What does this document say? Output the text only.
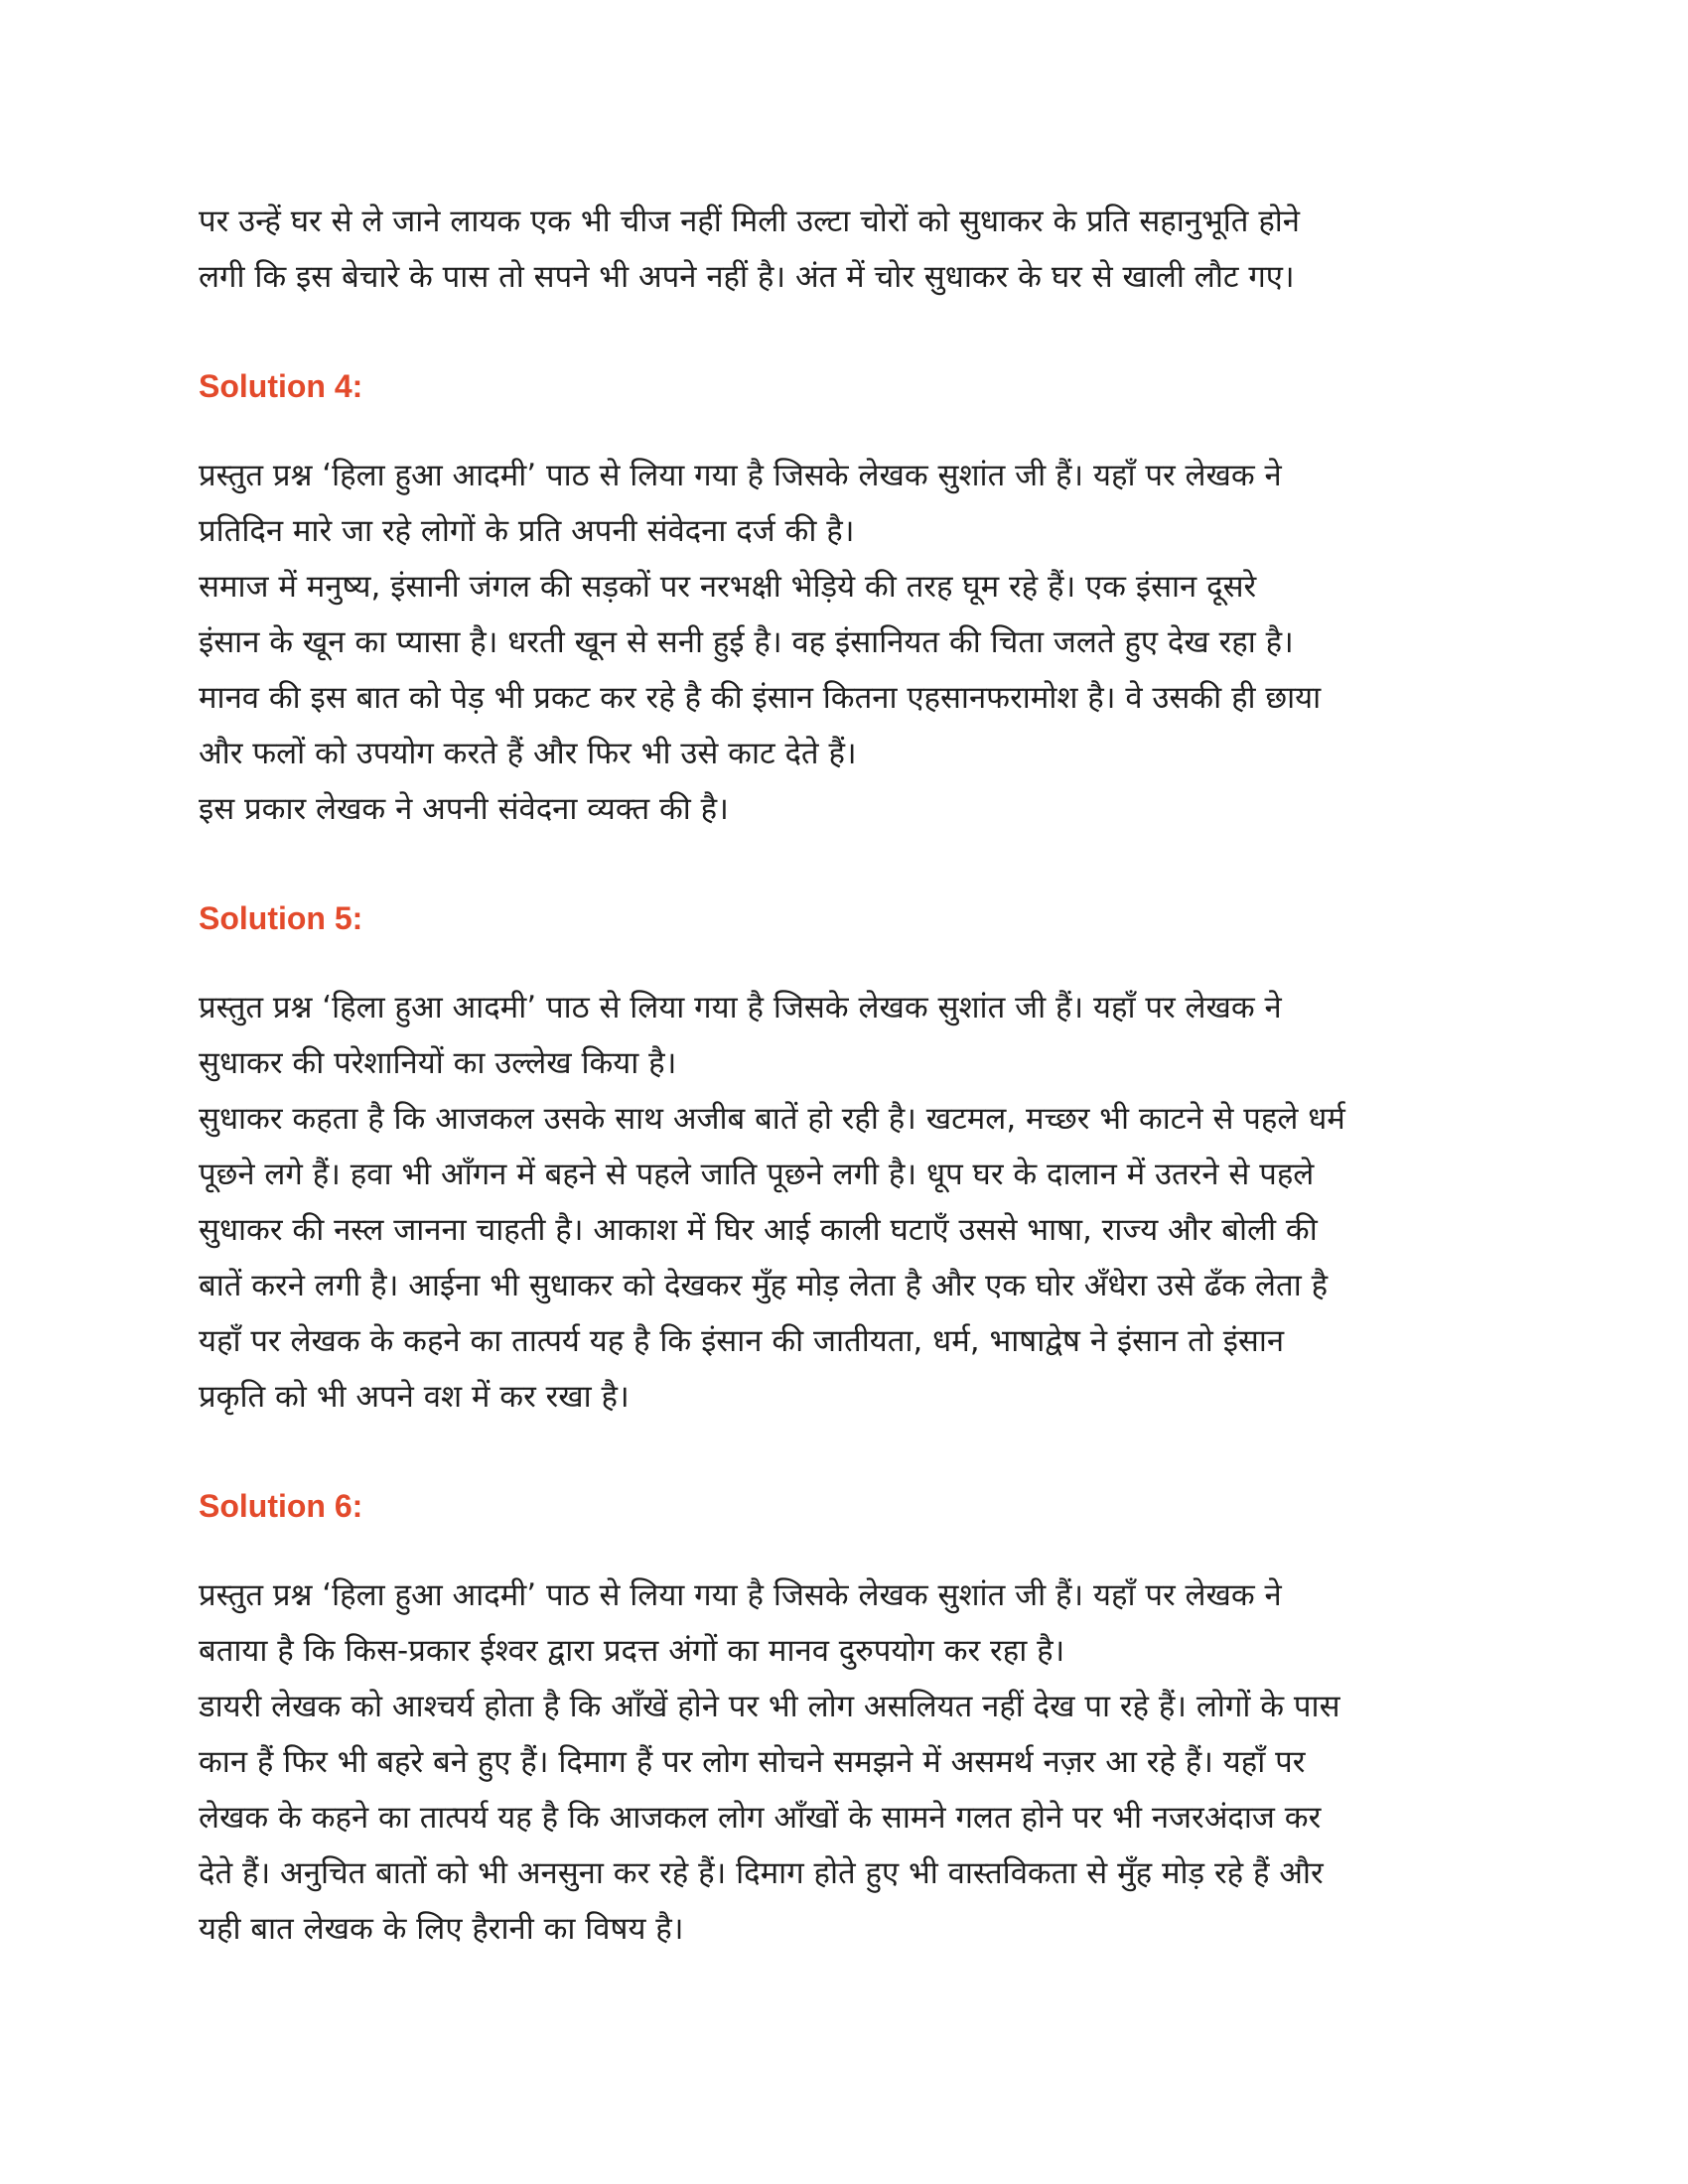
पर उन्हें घर से ले जाने लायक एक भी चीज नहीं मिली उल्टा चोरों को सुधाकर के प्रति सहानुभूति होने
लगी कि इस बेचारे के पास तो सपने भी अपने नहीं है। अंत में चोर सुधाकर के घर से खाली लौट गए।
Solution 4:
प्रस्तुत प्रश्न ‘हिला हुआ आदमी’ पाठ से लिया गया है जिसके लेखक सुशांत जी हैं। यहाँ पर लेखक ने
प्रतिदिन मारे जा रहे लोगों के प्रति अपनी संवेदना दर्ज की है।
समाज में मनुष्य, इंसानी जंगल की सड़कों पर नरभक्षी भेड़िये की तरह घूम रहे हैं। एक इंसान दूसरे
इंसान के खून का प्यासा है। धरती खून से सनी हुई है। वह इंसानियत की चिता जलते हुए देख रहा है।
मानव की इस बात को पेड़ भी प्रकट कर रहे है की इंसान कितना एहसानफरामोश है। वे उसकी ही छाया
और फलों को उपयोग करते हैं और फिर भी उसे काट देते हैं।
इस प्रकार लेखक ने अपनी संवेदना व्यक्त की है।
Solution 5:
प्रस्तुत प्रश्न ‘हिला हुआ आदमी’ पाठ से लिया गया है जिसके लेखक सुशांत जी हैं। यहाँ पर लेखक ने
सुधाकर की परेशानियों का उल्लेख किया है।
सुधाकर कहता है कि आजकल उसके साथ अजीब बातें हो रही है। खटमल, मच्छर भी काटने से पहले धर्म
पूछने लगे हैं। हवा भी आँगन में बहने से पहले जाति पूछने लगी है। धूप घर के दालान में उतरने से पहले
सुधाकर की नस्ल जानना चाहती है। आकाश में घिर आई काली घटाएँ उससे भाषा, राज्य और बोली की
बातें करने लगी है। आईना भी सुधाकर को देखकर मुँह मोड़ लेता है और एक घोर अँधेरा उसे ढँक लेता है
यहाँ पर लेखक के कहने का तात्पर्य यह है कि इंसान की जातीयता, धर्म, भाषाद्वेष ने इंसान तो इंसान
प्रकृति को भी अपने वश में कर रखा है।
Solution 6:
प्रस्तुत प्रश्न ‘हिला हुआ आदमी’ पाठ से लिया गया है जिसके लेखक सुशांत जी हैं। यहाँ पर लेखक ने
बताया है कि किस-प्रकार ईश्वर द्वारा प्रदत्त अंगों का मानव दुरुपयोग कर रहा है।
डायरी लेखक को आश्चर्य होता है कि आँखें होने पर भी लोग असलियत नहीं देख पा रहे हैं। लोगों के पास
कान हैं फिर भी बहरे बने हुए हैं। दिमाग हैं पर लोग सोचने समझने में असमर्थ नज़र आ रहे हैं। यहाँ पर
लेखक के कहने का तात्पर्य यह है कि आजकल लोग आँखों के सामने गलत होने पर भी नजरअंदाज कर
देते हैं। अनुचित बातों को भी अनसुना कर रहे हैं। दिमाग होते हुए भी वास्तविकता से मुँह मोड़ रहे हैं और
यही बात लेखक के लिए हैरानी का विषय है।
